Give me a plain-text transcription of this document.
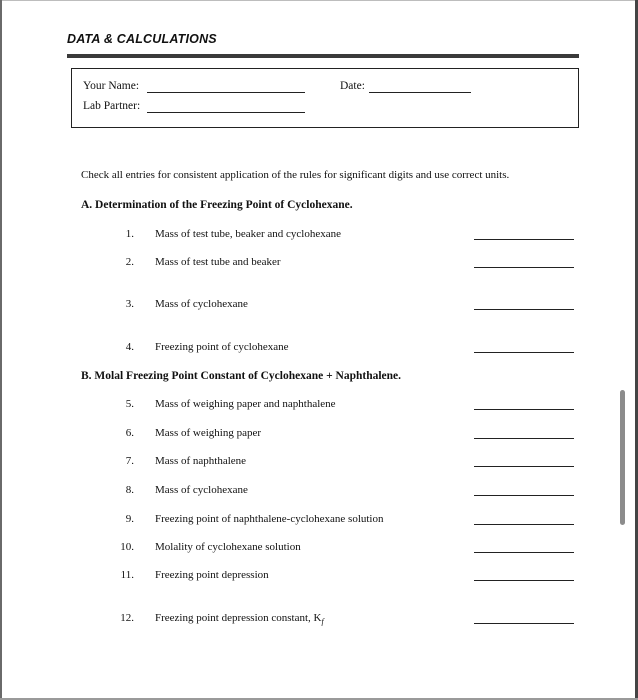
DATA & CALCULATIONS
Your Name:	Date:
Lab Partner:
Check all entries for consistent application of the rules for significant digits and use correct units.
A. Determination of the Freezing Point of Cyclohexane.
1. Mass of test tube, beaker and cyclohexane
2. Mass of test tube and beaker
3. Mass of cyclohexane
4. Freezing point of cyclohexane
B. Molal Freezing Point Constant of Cyclohexane + Naphthalene.
5. Mass of weighing paper and naphthalene
6. Mass of weighing paper
7. Mass of naphthalene
8. Mass of cyclohexane
9. Freezing point of naphthalene-cyclohexane solution
10. Molality of cyclohexane solution
11. Freezing point depression
12. Freezing point depression constant, $K_f$
